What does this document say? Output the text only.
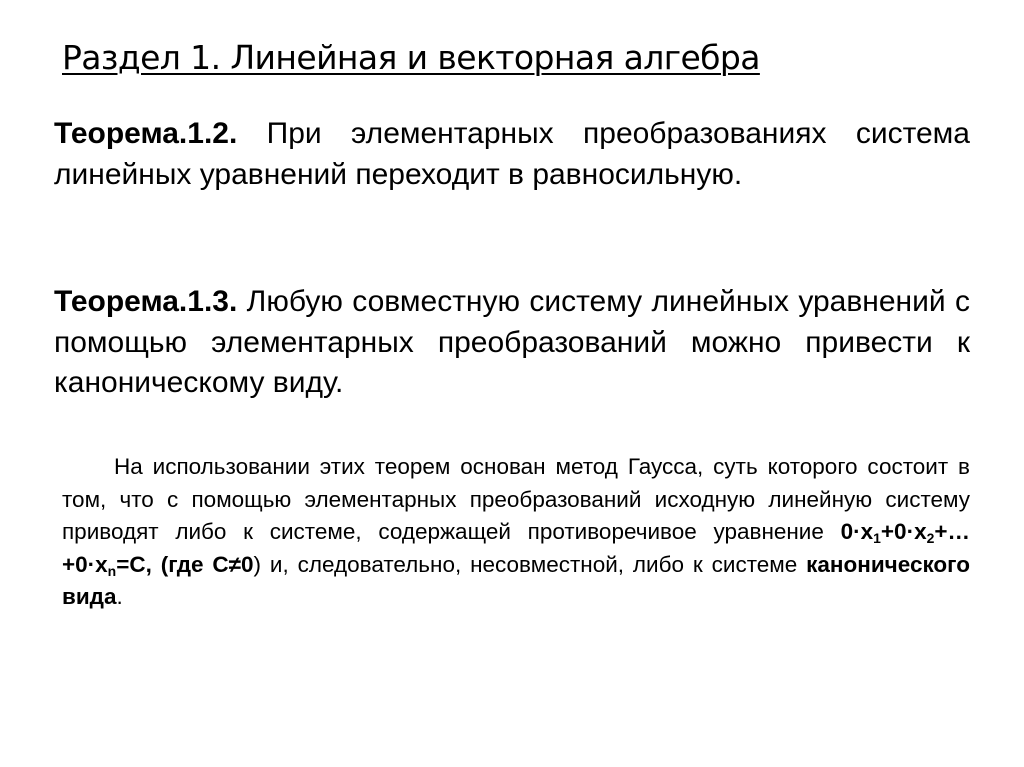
Раздел 1. Линейная и векторная алгебра
Теорема.1.2. При элементарных преобразованиях система линейных уравнений переходит в равносильную.
Теорема.1.3. Любую совместную систему линейных уравнений с помощью элементарных преобразований можно привести к каноническому виду.
На использовании этих теорем основан метод Гаусса, суть которого состоит в том, что с помощью элементарных преобразований исходную линейную систему приводят либо к системе, содержащей противоречивое уравнение $0\cdot x_1+0\cdot x_2+\dots+0\cdot x_n=C$, (где C≠0) и, следовательно, несовместной, либо к системе канонического вида.
